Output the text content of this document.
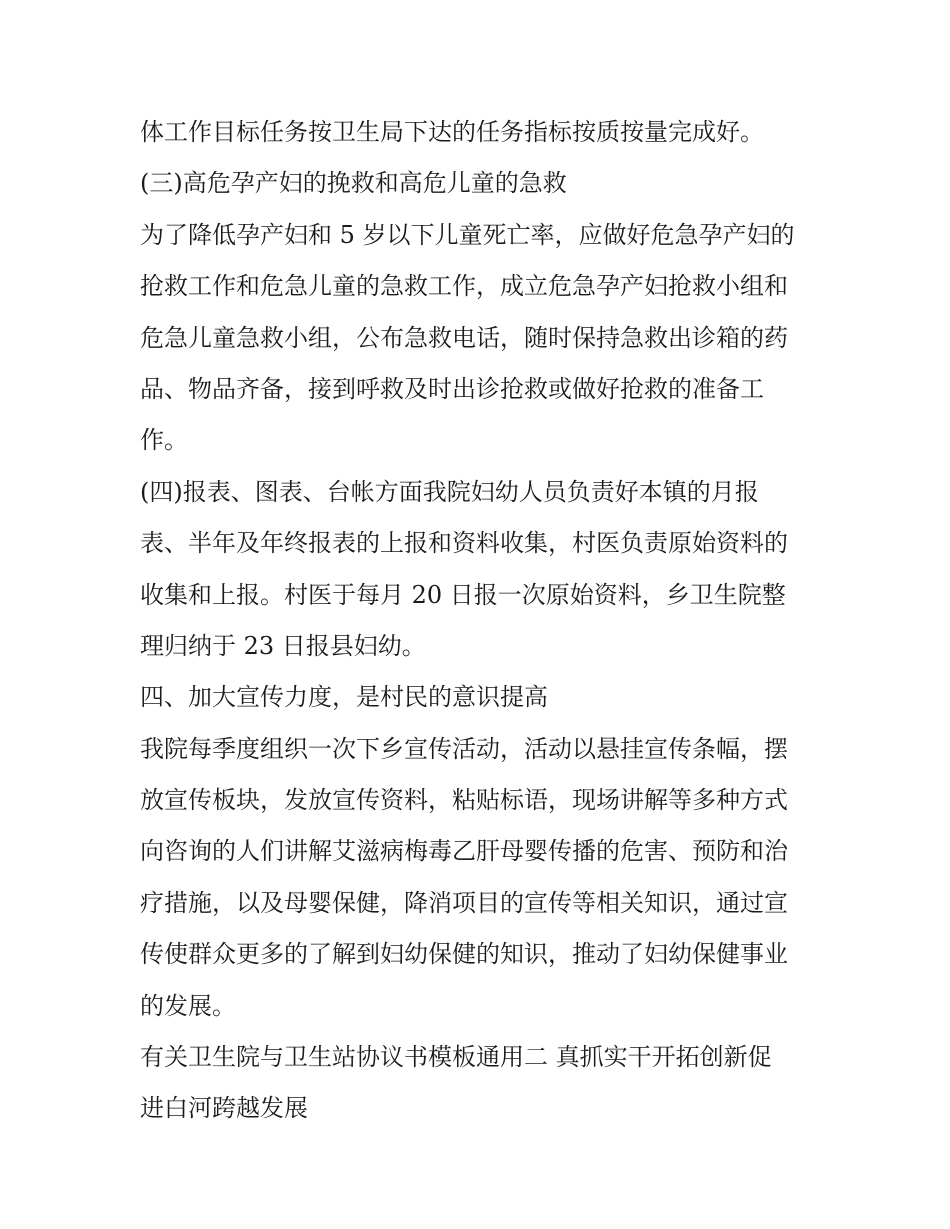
体工作目标任务按卫生局下达的任务指标按质按量完成好。
(三)高危孕产妇的挽救和高危儿童的急救
为了降低孕产妇和 5 岁以下儿童死亡率，应做好危急孕产妇的
抢救工作和危急儿童的急救工作，成立危急孕产妇抢救小组和
危急儿童急救小组，公布急救电话，随时保持急救出诊箱的药
品、物品齐备，接到呼救及时出诊抢救或做好抢救的准备工
作。
(四)报表、图表、台帐方面我院妇幼人员负责好本镇的月报
表、半年及年终报表的上报和资料收集，村医负责原始资料的
收集和上报。村医于每月 20 日报一次原始资料，乡卫生院整
理归纳于 23 日报县妇幼。
四、加大宣传力度，是村民的意识提高
我院每季度组织一次下乡宣传活动，活动以悬挂宣传条幅，摆
放宣传板块，发放宣传资料，粘贴标语，现场讲解等多种方式
向咨询的人们讲解艾滋病梅毒乙肝母婴传播的危害、预防和治
疗措施，以及母婴保健，降消项目的宣传等相关知识，通过宣
传使群众更多的了解到妇幼保健的知识，推动了妇幼保健事业
的发展。
有关卫生院与卫生站协议书模板通用二 真抓实干开拓创新促
进白河跨越发展
